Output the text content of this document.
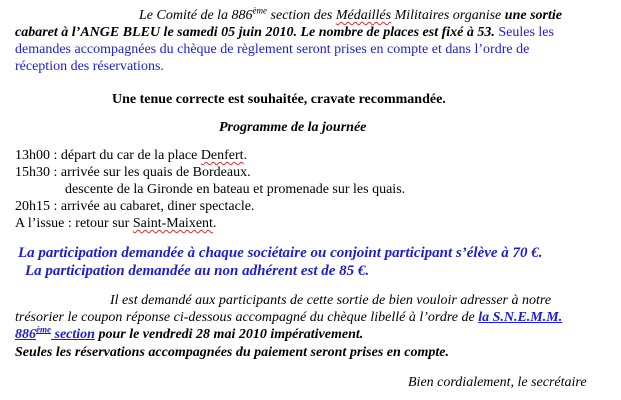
Le Comité de la 886ème section des Médaillés Militaires organise une sortie
cabaret à l’ANGE BLEU le samedi 05 juin 2010. Le nombre de places est fixé à 53. Seules les
demandes accompagnées du chèque de règlement seront prises en compte et dans l’ordre de
réception des réservations.
Une tenue correcte est souhaitée, cravate recommandée.
Programme de la journée
13h00 : départ du car de la place Denfert.
15h30 : arrivée sur les quais de Bordeaux.
descente de la Gironde en bateau et promenade sur les quais.
20h15 : arrivée au cabaret, diner spectacle.
A l’issue : retour sur Saint-Maixent.
La participation demandée à chaque sociétaire ou conjoint participant s’élève à 70 €.
La participation demandée au non adhérent est de 85 €.
Il est demandé aux participants de cette sortie de bien vouloir adresser à notre
trésorier le coupon réponse ci-dessous accompagné du chèque libellé à l’ordre de la S.N.E.M.M.
886ème section pour le vendredi 28 mai 2010 impérativement.
Seules les réservations accompagnées du paiement seront prises en compte.
Bien cordialement, le secrétaire
